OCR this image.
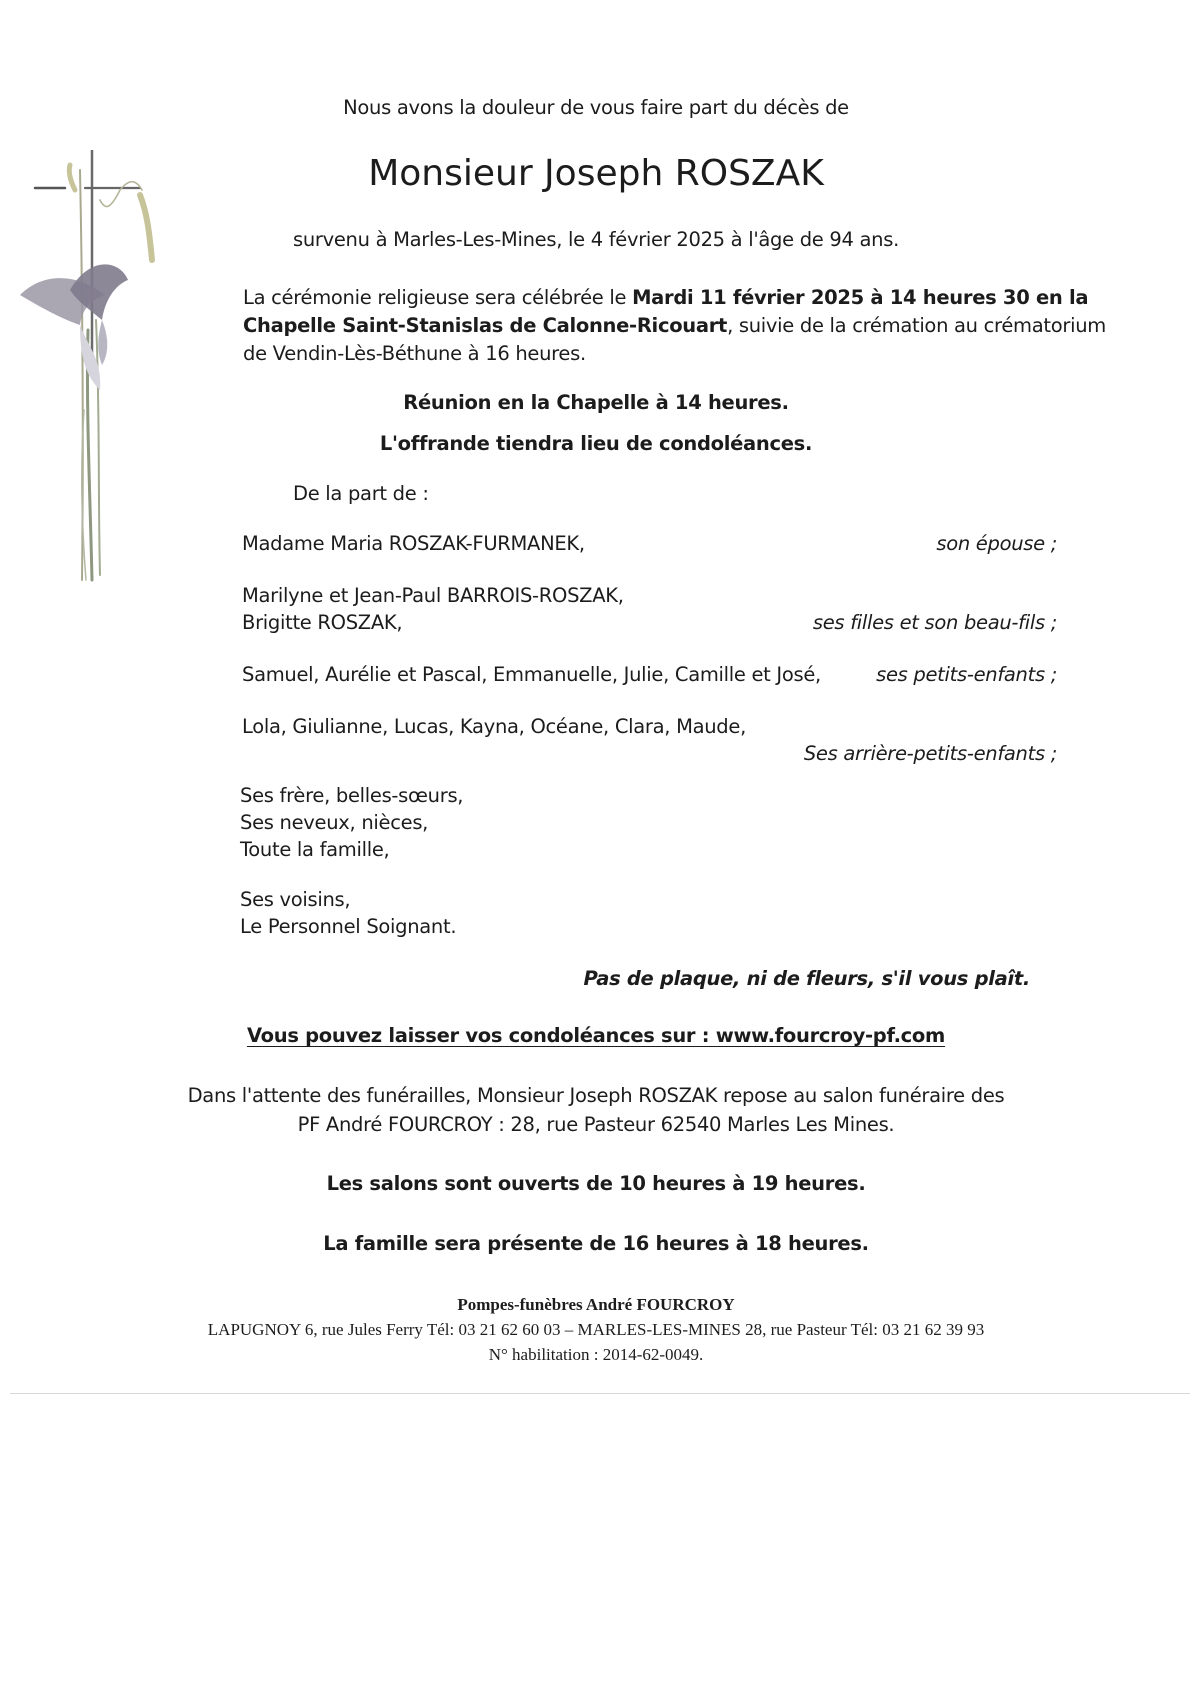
Nous avons la douleur de vous faire part du décès de

Monsieur Joseph ROSZAK

survenu à Marles-Les-Mines, le 4 février 2025 à l'âge de 94 ans.

La cérémonie religieuse sera célébrée le Mardi 11 février 2025 à 14 heures 30 en la Chapelle Saint-Stanislas de Calonne-Ricouart, suivie de la crémation au crématorium de Vendin-Lès-Béthune à 16 heures.

Réunion en la Chapelle à 14 heures.

L'offrande tiendra lieu de condoléances.

De la part de :

Madame Maria ROSZAK-FURMANEK,	son épouse ;

Marilyne et Jean-Paul BARROIS-ROSZAK,

Brigitte ROSZAK,	ses filles et son beau-fils ;

Samuel, Aurélie et Pascal, Emmanuelle, Julie, Camille et José,	ses petits-enfants ;

Lola, Giulianne, Lucas, Kayna, Océane, Clara, Maude,

Ses arrière-petits-enfants ;

Ses frère, belles-sœurs,

Ses neveux, nièces,

Toute la famille,

Ses voisins,

Le Personnel Soignant.

Pas de plaque, ni de fleurs, s'il vous plaît.

Vous pouvez laisser vos condoléances sur : www.fourcroy-pf.com

Dans l'attente des funérailles, Monsieur Joseph ROSZAK repose au salon funéraire des

PF André FOURCROY : 28, rue Pasteur 62540 Marles Les Mines.

Les salons sont ouverts de 10 heures à 19 heures.

La famille sera présente de 16 heures à 18 heures.

Pompes-funèbres André FOURCROY

LAPUGNOY 6, rue Jules Ferry Tél: 03 21 62 60 03 – MARLES-LES-MINES 28, rue Pasteur Tél: 03 21 62 39 93

N° habilitation : 2014-62-0049.
